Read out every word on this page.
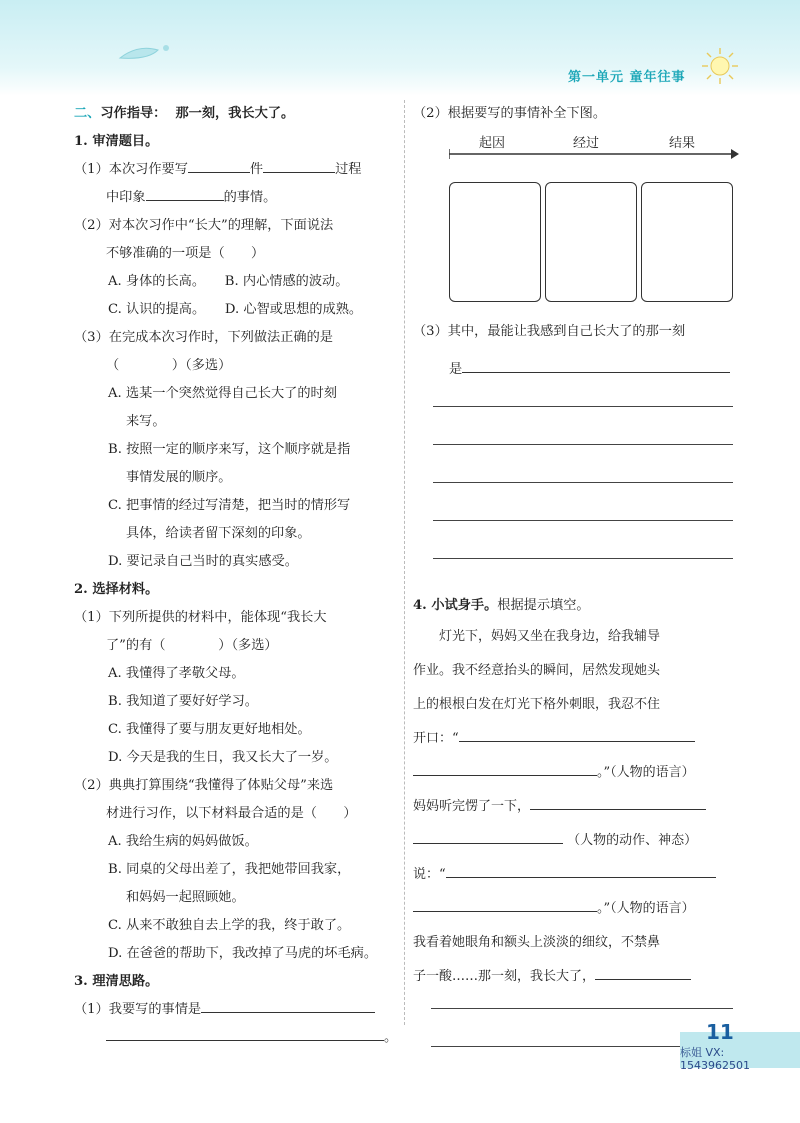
第一单元 童年往事
二、习作指导： 那一刻，我长大了。
1. 审清题目。
（1）本次习作要写	件	过程
中印象	的事情。
（2）对本次习作中“长大”的理解，下面说法
不够准确的一项是（　　）
A. 身体的长高。　　B. 内心情感的波动。
C. 认识的提高。　　D. 心智或思想的成熟。
（3）在完成本次习作时，下列做法正确的是
（　　　　）（多选）
A. 选某一个突然觉得自己长大了的时刻
来写。
B. 按照一定的顺序来写，这个顺序就是指
事情发展的顺序。
C. 把事情的经过写清楚，把当时的情形写
具体，给读者留下深刻的印象。
D. 要记录自己当时的真实感受。
2. 选择材料。
（1）下列所提供的材料中，能体现“我长大
了”的有（　　　　）（多选）
A. 我懂得了孝敬父母。
B. 我知道了要好好学习。
C. 我懂得了要与朋友更好地相处。
D. 今天是我的生日，我又长大了一岁。
（2）典典打算围绕“我懂得了体贴父母”来选
材进行习作，以下材料最合适的是（　　）
A. 我给生病的妈妈做饭。
B. 同桌的父母出差了，我把她带回我家，
和妈妈一起照顾她。
C. 从来不敢独自去上学的我，终于敢了。
D. 在爸爸的帮助下，我改掉了马虎的坏毛病。
3. 理清思路。
（1）我要写的事情是
。
（2）根据要写的事情补全下图。
起因	经过	结果
（3）其中，最能让我感到自己长大了的那一刻
是
4. 小试身手。根据提示填空。
　　灯光下，妈妈又坐在我身边，给我辅导
作业。我不经意抬头的瞬间，居然发现她头
上的根根白发在灯光下格外刺眼，我忍不住
开口：“
。”（人物的语言）
妈妈听完愣了一下，
（人物的动作、神态）
说：“
。”（人物的语言）
我看着她眼角和额头上淡淡的细纹，不禁鼻
子一酸……那一刻，我长大了，
11
标姐 VX:
1543962501
